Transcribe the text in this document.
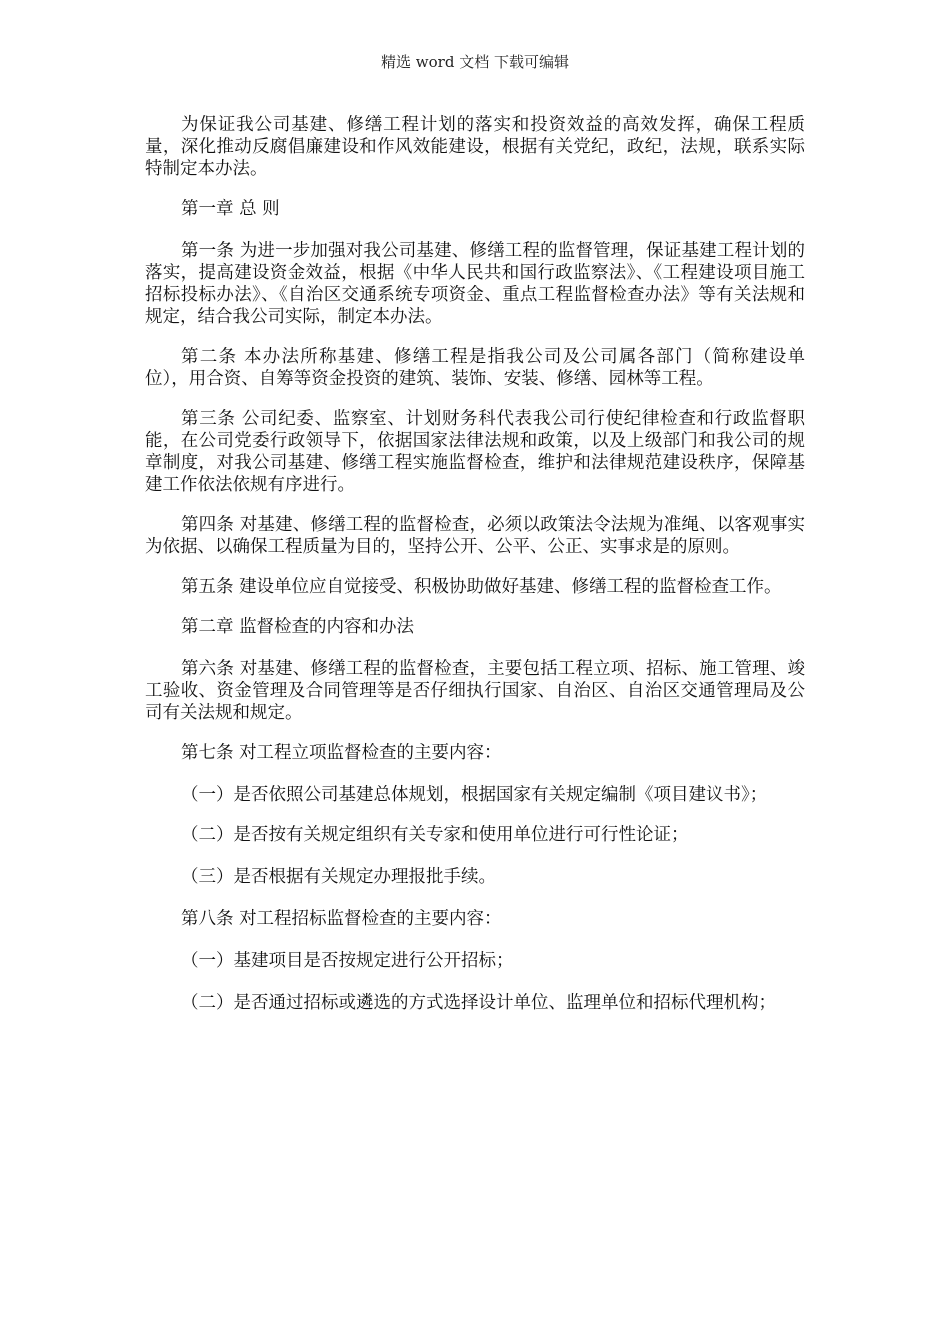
精选 word 文档 下载可编辑

为保证我公司基建、修缮工程计划的落实和投资效益的高效发挥，确保工程质量，深化推动反腐倡廉建设和作风效能建设，根据有关党纪，政纪，法规，联系实际特制定本办法。

第一章 总 则

第一条 为进一步加强对我公司基建、修缮工程的监督管理，保证基建工程计划的落实，提高建设资金效益，根据《中华人民共和国行政监察法》、《工程建设项目施工招标投标办法》、《自治区交通系统专项资金、重点工程监督检查办法》等有关法规和规定，结合我公司实际，制定本办法。

第二条 本办法所称基建、修缮工程是指我公司及公司属各部门（简称建设单位），用合资、自筹等资金投资的建筑、装饰、安装、修缮、园林等工程。

第三条 公司纪委、监察室、计划财务科代表我公司行使纪律检查和行政监督职能，在公司党委行政领导下，依据国家法律法规和政策，以及上级部门和我公司的规章制度，对我公司基建、修缮工程实施监督检查，维护和法律规范建设秩序，保障基建工作依法依规有序进行。

第四条 对基建、修缮工程的监督检查，必须以政策法令法规为准绳、以客观事实为依据、以确保工程质量为目的，坚持公开、公平、公正、实事求是的原则。

第五条 建设单位应自觉接受、积极协助做好基建、修缮工程的监督检查工作。

第二章 监督检查的内容和办法

第六条 对基建、修缮工程的监督检查，主要包括工程立项、招标、施工管理、竣工验收、资金管理及合同管理等是否仔细执行国家、自治区、自治区交通管理局及公司有关法规和规定。

第七条 对工程立项监督检查的主要内容：

（一）是否依照公司基建总体规划，根据国家有关规定编制《项目建议书》；

（二）是否按有关规定组织有关专家和使用单位进行可行性论证；

（三）是否根据有关规定办理报批手续。

第八条 对工程招标监督检查的主要内容：

（一）基建项目是否按规定进行公开招标；

（二）是否通过招标或遴选的方式选择设计单位、监理单位和招标代理机构；
